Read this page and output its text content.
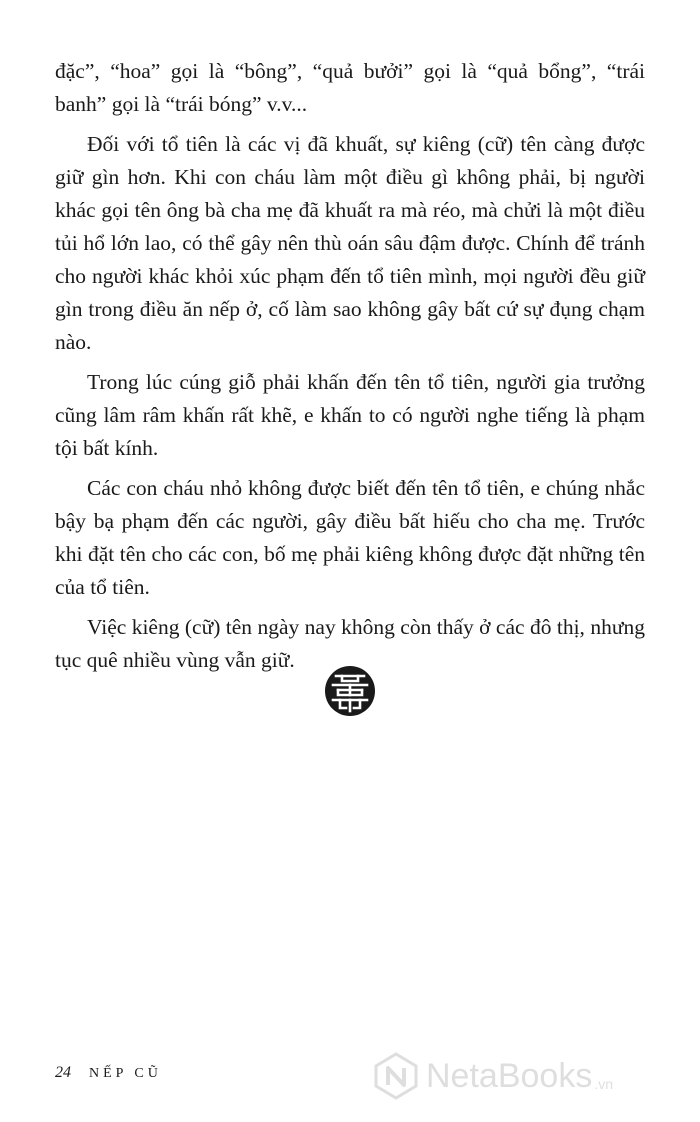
đặc”, “hoa” gọi là “bông”, “quả bưởi” gọi là “quả bổng”, “trái banh” gọi là “trái bóng” v.v...

Đối với tổ tiên là các vị đã khuất, sự kiêng (cữ) tên càng được giữ gìn hơn. Khi con cháu làm một điều gì không phải, bị người khác gọi tên ông bà cha mẹ đã khuất ra mà réo, mà chửi là một điều tủi hổ lớn lao, có thể gây nên thù oán sâu đậm được. Chính để tránh cho người khác khỏi xúc phạm đến tổ tiên mình, mọi người đều giữ gìn trong điều ăn nếp ở, cố làm sao không gây bất cứ sự đụng chạm nào.

Trong lúc cúng giỗ phải khấn đến tên tổ tiên, người gia trưởng cũng lâm râm khấn rất khẽ, e khấn to có người nghe tiếng là phạm tội bất kính.

Các con cháu nhỏ không được biết đến tên tổ tiên, e chúng nhắc bậy bạ phạm đến các người, gây điều bất hiếu cho cha mẹ. Trước khi đặt tên cho các con, bố mẹ phải kiêng không được đặt những tên của tổ tiên.

Việc kiêng (cữ) tên ngày nay không còn thấy ở các đô thị, nhưng tục quê nhiều vùng vẫn giữ.

24	NẾP CŨ	NetaBooks .vn
